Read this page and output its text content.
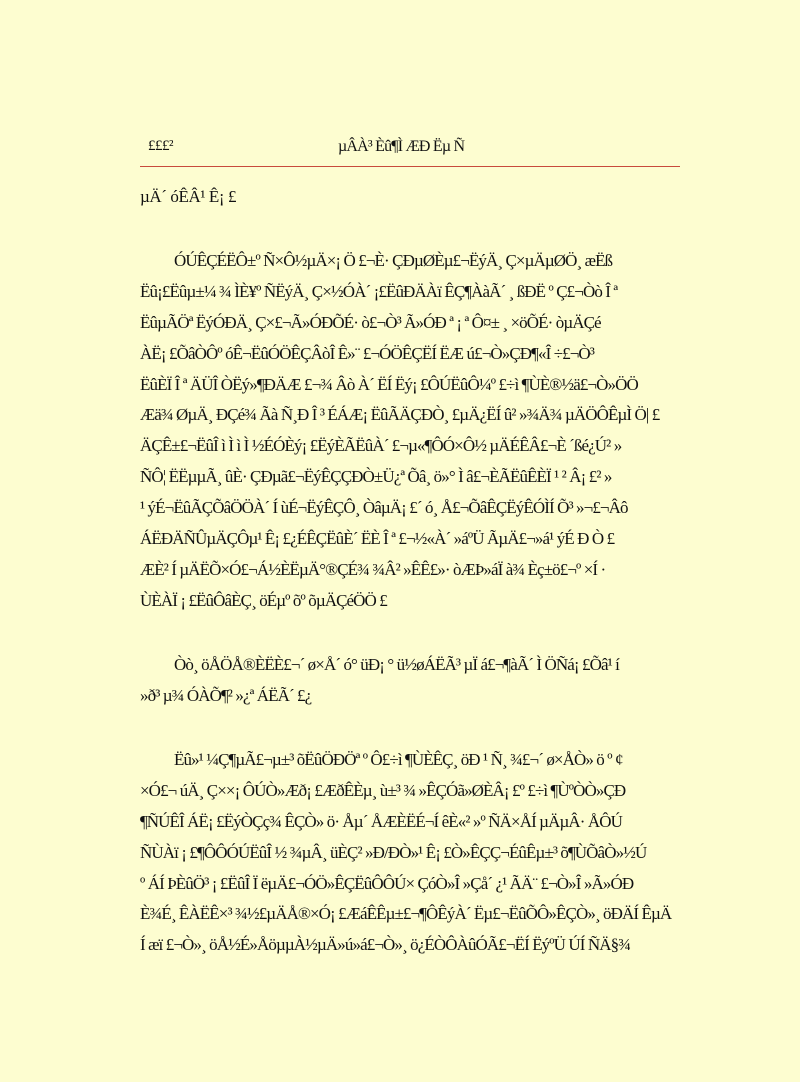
£££²	µÂÀ³ Èû¶Ì ÆÐ Ëµ Ñ
µÄ´ óÊÂ¹ Ê¡ £
ÓÚÊÇÉËÔ±º Ñ×Ô½µÄ×¡ Ö £¬È· ÇÐµØÈµ£¬ËýÄ¸ Ç×µÄµØÖ¸ æËß
Ëû¡£Ëûµ±¼ ¾ ÌÈ¥º ÑËýÄ¸ Ç×½ÓÀ´ ¡£ËûÐÄÀï ÊÇ¶ÀàÃ´ ¸ ßÐË º Ç£¬Òò Î ª
ËûµÃÖª ËýÓÐÄ¸ Ç×£¬Ã»ÓÐÕÉ· ò£¬Ò³ Ã»ÓÐ ª ¡ ª Ô¤± ¸ ×öÕÉ· òµÄÇé
ÀË¡ £ÕâÒÔº óÊ¬ËûÓÖÊÇÂòÎ Ê»¨ £¬ÓÖÊÇËÍ ËÆ ú£¬Ò»ÇÐ¶«Î ÷£¬Ò³
ËûÈÏ Î ª ÄÜÎ ÒËý»¶ÐÄÆ £¬¾ Âò À´ ËÍ Ëý¡ £ÔÚËûÔ¼º £÷ì ¶ÙÈ®½ä£¬Ò»ÖÖ
Æä¾ ØµÄ¸ ÐÇé¾ Ãà Ñ¸Ð Î ³ ÉÁÆ¡ ËûÃÄÇÐÒ¸ £µÄ¿ËÍ û² »¾Ä¾ µÄÖÔÊµÌ Ö| £
ÄÇÊ±£¬ËûÎ ì Ì ì Ì ½ÉÓÈý¡ £ËýÈÃËûÀ´ £¬µ«¶ÔÓ×Ô½ µÄÉÊÂ£¬È ´ßé¿Ú² »
ÑÔ¦ ËËµµÃ¸ ûÈ· ÇÐµã£¬ËýÊÇÇÐÒ±Ü¿ª Õâ¸ ö»° Ì â£¬ÈÃËûÊÈÏ ¹ ² Â¡ £² »
¹ ýÉ¬ËûÃÇÕâÖÖÀ´ Í ùÉ¬ËýÊÇÔ¸ ÒâµÄ¡ £´ ó¸ Å£¬ÕâÊÇËýÊÓÌÍ Õ³ »¬£¬Âô
ÁËÐÄÑÛµÄÇÔµ¹ Ê¡ £¿ÉÊÇËûÈ´ ËÈ Î ª £¬½«À´ »áºÜ ÃµÄ£¬»á¹ ýÉ Ð Ò £
ÆÈ² Í µÄËÕ×Ó£¬Á½ÈËµÄ°®ÇÉ¾ ¾Â² »ÊÊ£»· òÆÞ»áÏ à¾ Èç±ö£¬º ×Í ·
ÙÈÀÏ ¡ £ËûÔâÈÇ¸ öÉµº õº õµÄÇéÖÖ £
Òò¸ öÅÖÅ®ÈËÈ£¬´ ø×Å´ ó° üÐ¡ ° ü½øÁËÃ³ µÏ á£¬¶àÃ´ Ì ÖÑá¡ £Õâ¹ í
»ð³ µ¾ ÓÀÕ¶² »¿ª ÁËÃ´ £¿
Ëû»¹ ¼Ç¶µÃ£¬µ±³ õËûÖÐÖª º Ô£÷ì ¶ÙÈÊÇ¸ öÐ ¹ Ñ¸ ¾£¬´ ø×ÅÒ» ö º ¢
×Ó£¬ úÄ¸ Ç××¡ ÔÚÒ»Æð¡ £ÆðÊÈµ¸ ù±³ ¾ »ÊÇÓã»ØÈÂ¡ £º £÷ì ¶ÙºÒÒ»ÇÐ
¶ÑÚÊÎ ÁË¡ £ËýÒÇç¾ ÊÇÒ» ö· Åµ´ ÅÆÈËÉ¬Í êÈ«² »º ÑÄ×ÅÍ µÄµÂ· ÅÔÚ
ÑÙÀï ¡ £¶ÔÔÓÚËûÎ ½ ¾µÂ¸ üÈÇ² »Ð/ÐÒ»¹ Ê¡ £Ò»ÊÇÇ¬ÉûÊµ±³ õ¶ÙÕâÒ»½Ú
º ÁÍ ÞÈûÖ³ ¡ £ËûÎ Ï ëµÄ£¬ÓÖ»ÊÇËûÔÔÚ× ÇóÒ»Î »Çå´ ¿¹ ÃÄ¨ £¬Ò»Î »Ã»ÓÐ
È¾É¸ ÊÀËÊ×³ ¾½£µÄÅ®×Ó¡ £ÆáÊÊµ±£¬¶ÔÊýÀ´ Ëµ£¬ËûÕÔ»ÊÇÒ»¸ öÐÄÍ ÊµÄ
Í æï £¬Ò»¸ öÅ½É»ÅöµµÀ½µÄ»ú»á£¬Ò»¸ ö¿ÉÒÔÀûÓÃ£¬ËÍ ËýºÜ ÚÍ ÑÄ§¾
